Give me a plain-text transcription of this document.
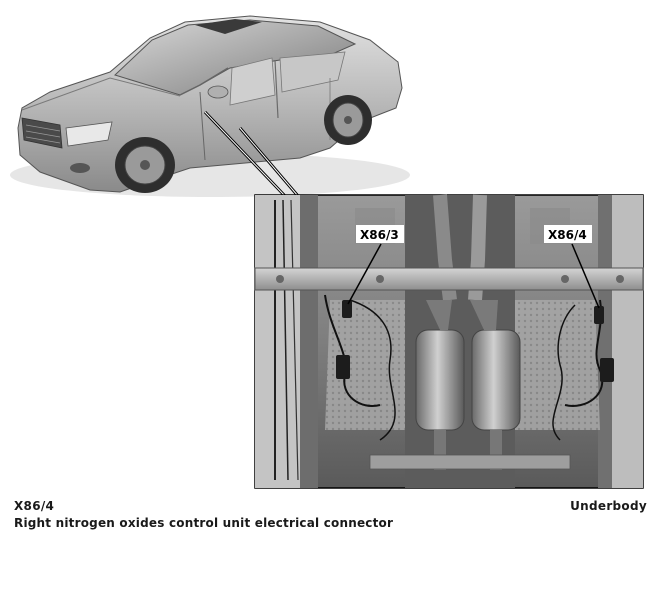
X86/3	X86/4
X86/4
Right nitrogen oxides control unit electrical connector
Underbody
